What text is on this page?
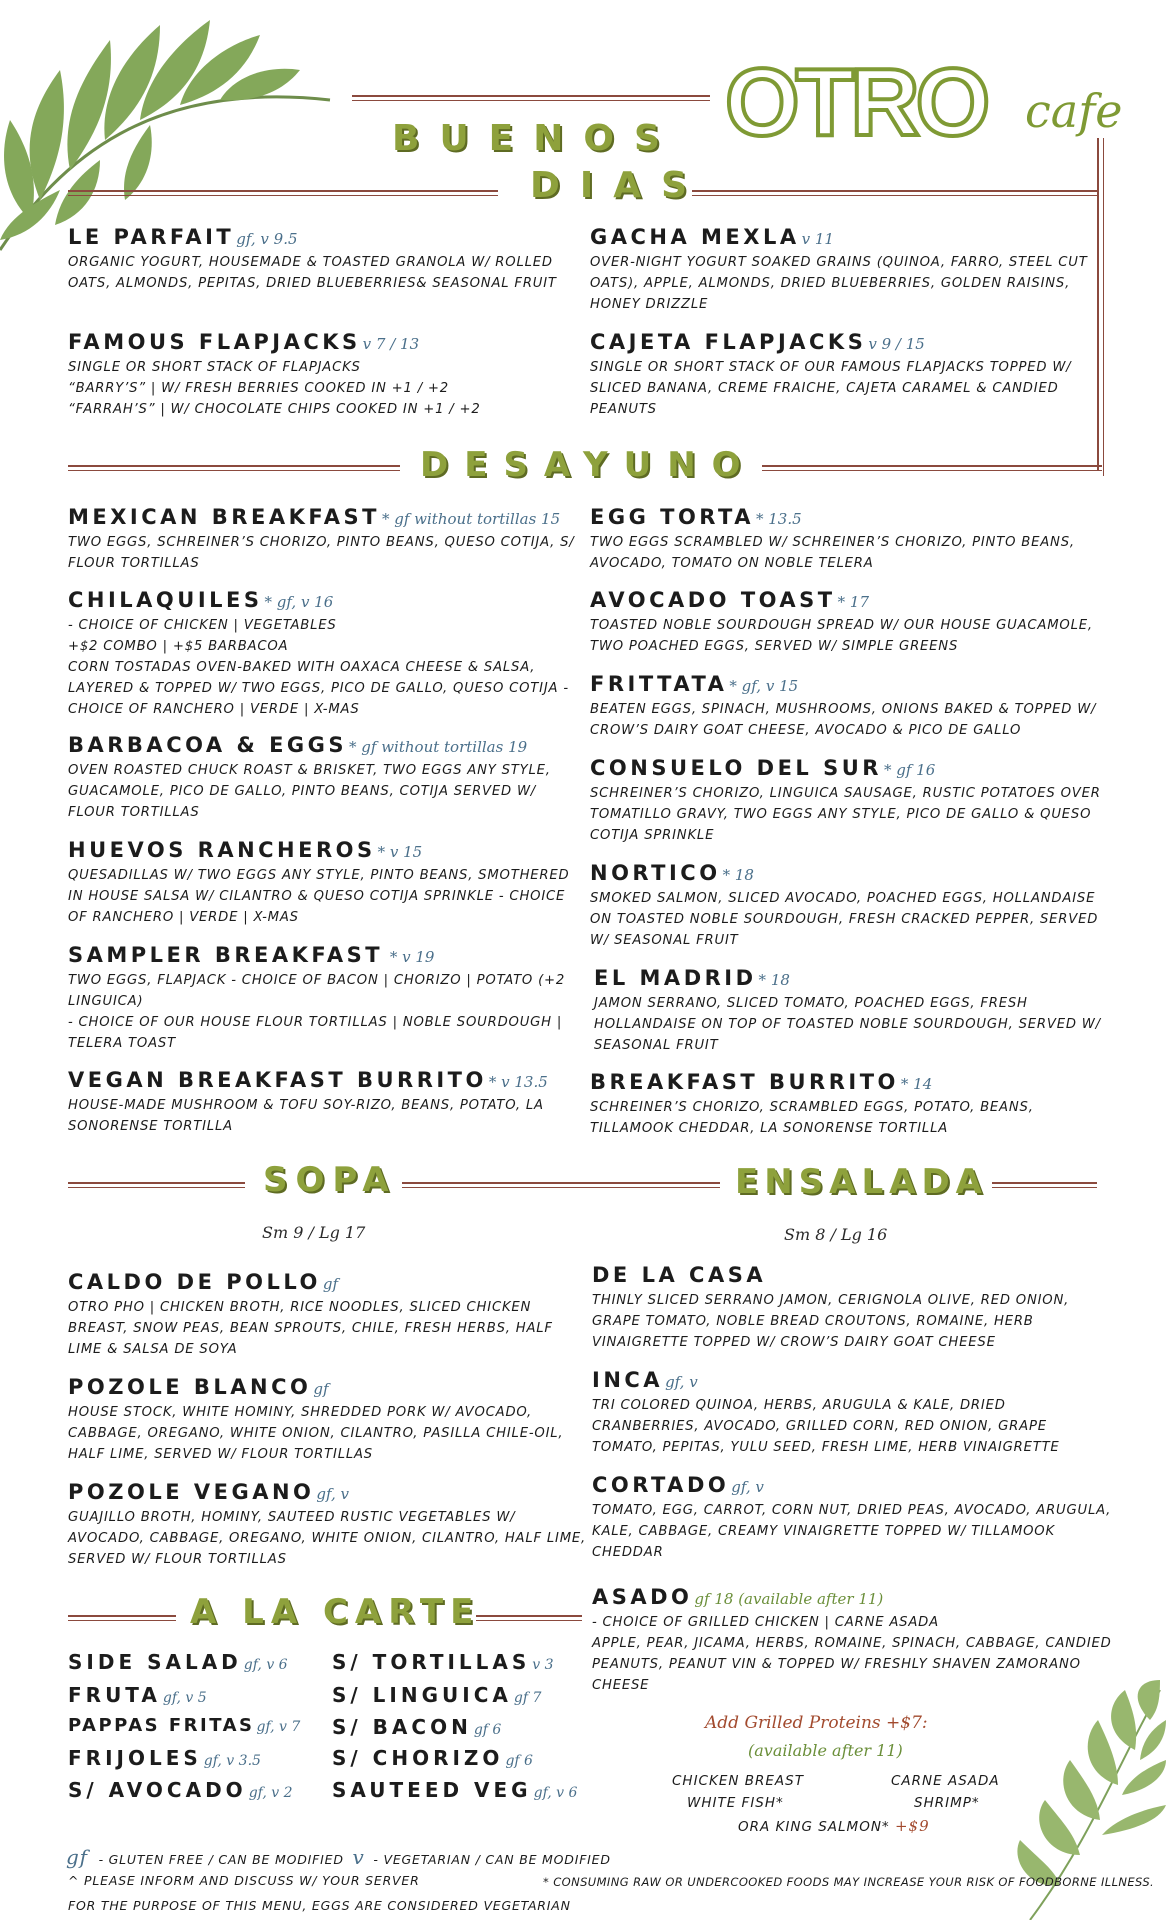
OTRO cafe
BUENOS
DIAS
LE PARFAIT gf, v 9.5
ORGANIC YOGURT, HOUSEMADE & TOASTED GRANOLA W/ ROLLED OATS, ALMONDS, PEPITAS, DRIED BLUEBERRIES& SEASONAL FRUIT
GACHA MEXLA v 11
OVER-NIGHT YOGURT SOAKED GRAINS (QUINOA, FARRO, STEEL CUT OATS), APPLE, ALMONDS, DRIED BLUEBERRIES, GOLDEN RAISINS, HONEY DRIZZLE
FAMOUS FLAPJACKS v 7 / 13
SINGLE OR SHORT STACK OF FLAPJACKS
“BARRY’S” | W/ FRESH BERRIES COOKED IN +1 / +2
“FARRAH’S” | W/ CHOCOLATE CHIPS COOKED IN +1 / +2
CAJETA FLAPJACKS v 9 / 15
SINGLE OR SHORT STACK OF OUR FAMOUS FLAPJACKS TOPPED W/ SLICED BANANA, CREME FRAICHE, CAJETA CARAMEL & CANDIED PEANUTS
DESAYUNO
MEXICAN BREAKFAST * gf without tortillas 15
TWO EGGS, SCHREINER’S CHORIZO, PINTO BEANS, QUESO COTIJA, S/ FLOUR TORTILLAS
CHILAQUILES * gf, v 16
- CHOICE OF CHICKEN | VEGETABLES
+$2 COMBO | +$5 BARBACOA
CORN TOSTADAS OVEN-BAKED WITH OAXACA CHEESE & SALSA, LAYERED & TOPPED W/ TWO EGGS, PICO DE GALLO, QUESO COTIJA - CHOICE OF RANCHERO | VERDE | X-MAS
BARBACOA & EGGS * gf without tortillas 19
OVEN ROASTED CHUCK ROAST & BRISKET, TWO EGGS ANY STYLE, GUACAMOLE, PICO DE GALLO, PINTO BEANS, COTIJA SERVED W/ FLOUR TORTILLAS
HUEVOS RANCHEROS * v 15
QUESADILLAS W/ TWO EGGS ANY STYLE, PINTO BEANS, SMOTHERED IN HOUSE SALSA W/ CILANTRO & QUESO COTIJA SPRINKLE - CHOICE OF RANCHERO | VERDE | X-MAS
SAMPLER BREAKFAST * v 19
TWO EGGS, FLAPJACK - CHOICE OF BACON | CHORIZO | POTATO (+2 LINGUICA)
- CHOICE OF OUR HOUSE FLOUR TORTILLAS | NOBLE SOURDOUGH | TELERA TOAST
VEGAN BREAKFAST BURRITO * v 13.5
HOUSE-MADE MUSHROOM & TOFU SOY-RIZO, BEANS, POTATO, LA SONORENSE TORTILLA
EGG TORTA * 13.5
TWO EGGS SCRAMBLED W/ SCHREINER’S CHORIZO, PINTO BEANS, AVOCADO, TOMATO ON NOBLE TELERA
AVOCADO TOAST * 17
TOASTED NOBLE SOURDOUGH SPREAD W/ OUR HOUSE GUACAMOLE, TWO POACHED EGGS, SERVED W/ SIMPLE GREENS
FRITTATA * gf, v 15
BEATEN EGGS, SPINACH, MUSHROOMS, ONIONS BAKED & TOPPED W/ CROW’S DAIRY GOAT CHEESE, AVOCADO & PICO DE GALLO
CONSUELO DEL SUR * gf 16
SCHREINER’S CHORIZO, LINGUICA SAUSAGE, RUSTIC POTATOES OVER TOMATILLO GRAVY, TWO EGGS ANY STYLE, PICO DE GALLO & QUESO COTIJA SPRINKLE
NORTICO * 18
SMOKED SALMON, SLICED AVOCADO, POACHED EGGS, HOLLANDAISE ON TOASTED NOBLE SOURDOUGH, FRESH CRACKED PEPPER, SERVED W/ SEASONAL FRUIT
EL MADRID * 18
JAMON SERRANO, SLICED TOMATO, POACHED EGGS, FRESH HOLLANDAISE ON TOP OF TOASTED NOBLE SOURDOUGH, SERVED W/ SEASONAL FRUIT
BREAKFAST BURRITO * 14
SCHREINER’S CHORIZO, SCRAMBLED EGGS, POTATO, BEANS, TILLAMOOK CHEDDAR, LA SONORENSE TORTILLA
SOPA	ENSALADA
Sm 9 / Lg 17	Sm 8 / Lg 16
CALDO DE POLLO gf
OTRO PHO | CHICKEN BROTH, RICE NOODLES, SLICED CHICKEN BREAST, SNOW PEAS, BEAN SPROUTS, CHILE, FRESH HERBS, HALF LIME & SALSA DE SOYA
POZOLE BLANCO gf
HOUSE STOCK, WHITE HOMINY, SHREDDED PORK W/ AVOCADO, CABBAGE, OREGANO, WHITE ONION, CILANTRO, PASILLA CHILE-OIL, HALF LIME, SERVED W/ FLOUR TORTILLAS
POZOLE VEGANO gf, v
GUAJILLO BROTH, HOMINY, SAUTEED RUSTIC VEGETABLES W/ AVOCADO, CABBAGE, OREGANO, WHITE ONION, CILANTRO, HALF LIME, SERVED W/ FLOUR TORTILLAS
DE LA CASA
THINLY SLICED SERRANO JAMON, CERIGNOLA OLIVE, RED ONION, GRAPE TOMATO, NOBLE BREAD CROUTONS, ROMAINE, HERB VINAIGRETTE TOPPED W/ CROW’S DAIRY GOAT CHEESE
INCA gf, v
TRI COLORED QUINOA, HERBS, ARUGULA & KALE, DRIED CRANBERRIES, AVOCADO, GRILLED CORN, RED ONION, GRAPE TOMATO, PEPITAS, YULU SEED, FRESH LIME, HERB VINAIGRETTE
CORTADO gf, v
TOMATO, EGG, CARROT, CORN NUT, DRIED PEAS, AVOCADO, ARUGULA, KALE, CABBAGE, CREAMY VINAIGRETTE TOPPED W/ TILLAMOOK CHEDDAR
ASADO gf 18 (available after 11)
- CHOICE OF GRILLED CHICKEN | CARNE ASADA
APPLE, PEAR, JICAMA, HERBS, ROMAINE, SPINACH, CABBAGE, CANDIED PEANUTS, PEANUT VIN & TOPPED W/ FRESHLY SHAVEN ZAMORANO CHEESE
A LA CARTE
SIDE SALAD gf, v 6
FRUTA gf, v 5
PAPPAS FRITAS gf, v 7
FRIJOLES gf, v 3.5
S/ AVOCADO gf, v 2
S/ TORTILLAS v 3
S/ LINGUICA gf 7
S/ BACON gf 6
S/ CHORIZO gf 6
SAUTEED VEG gf, v 6
Add Grilled Proteins +$7:
(available after 11)
CHICKEN BREAST	CARNE ASADA
WHITE FISH*	SHRIMP*
ORA KING SALMON* +$9
gf - GLUTEN FREE / CAN BE MODIFIED v - VEGETARIAN / CAN BE MODIFIED
^ PLEASE INFORM AND DISCUSS W/ YOUR SERVER	* CONSUMING RAW OR UNDERCOOKED FOODS MAY INCREASE YOUR RISK OF FOODBORNE ILLNESS.
FOR THE PURPOSE OF THIS MENU, EGGS ARE CONSIDERED VEGETARIAN
